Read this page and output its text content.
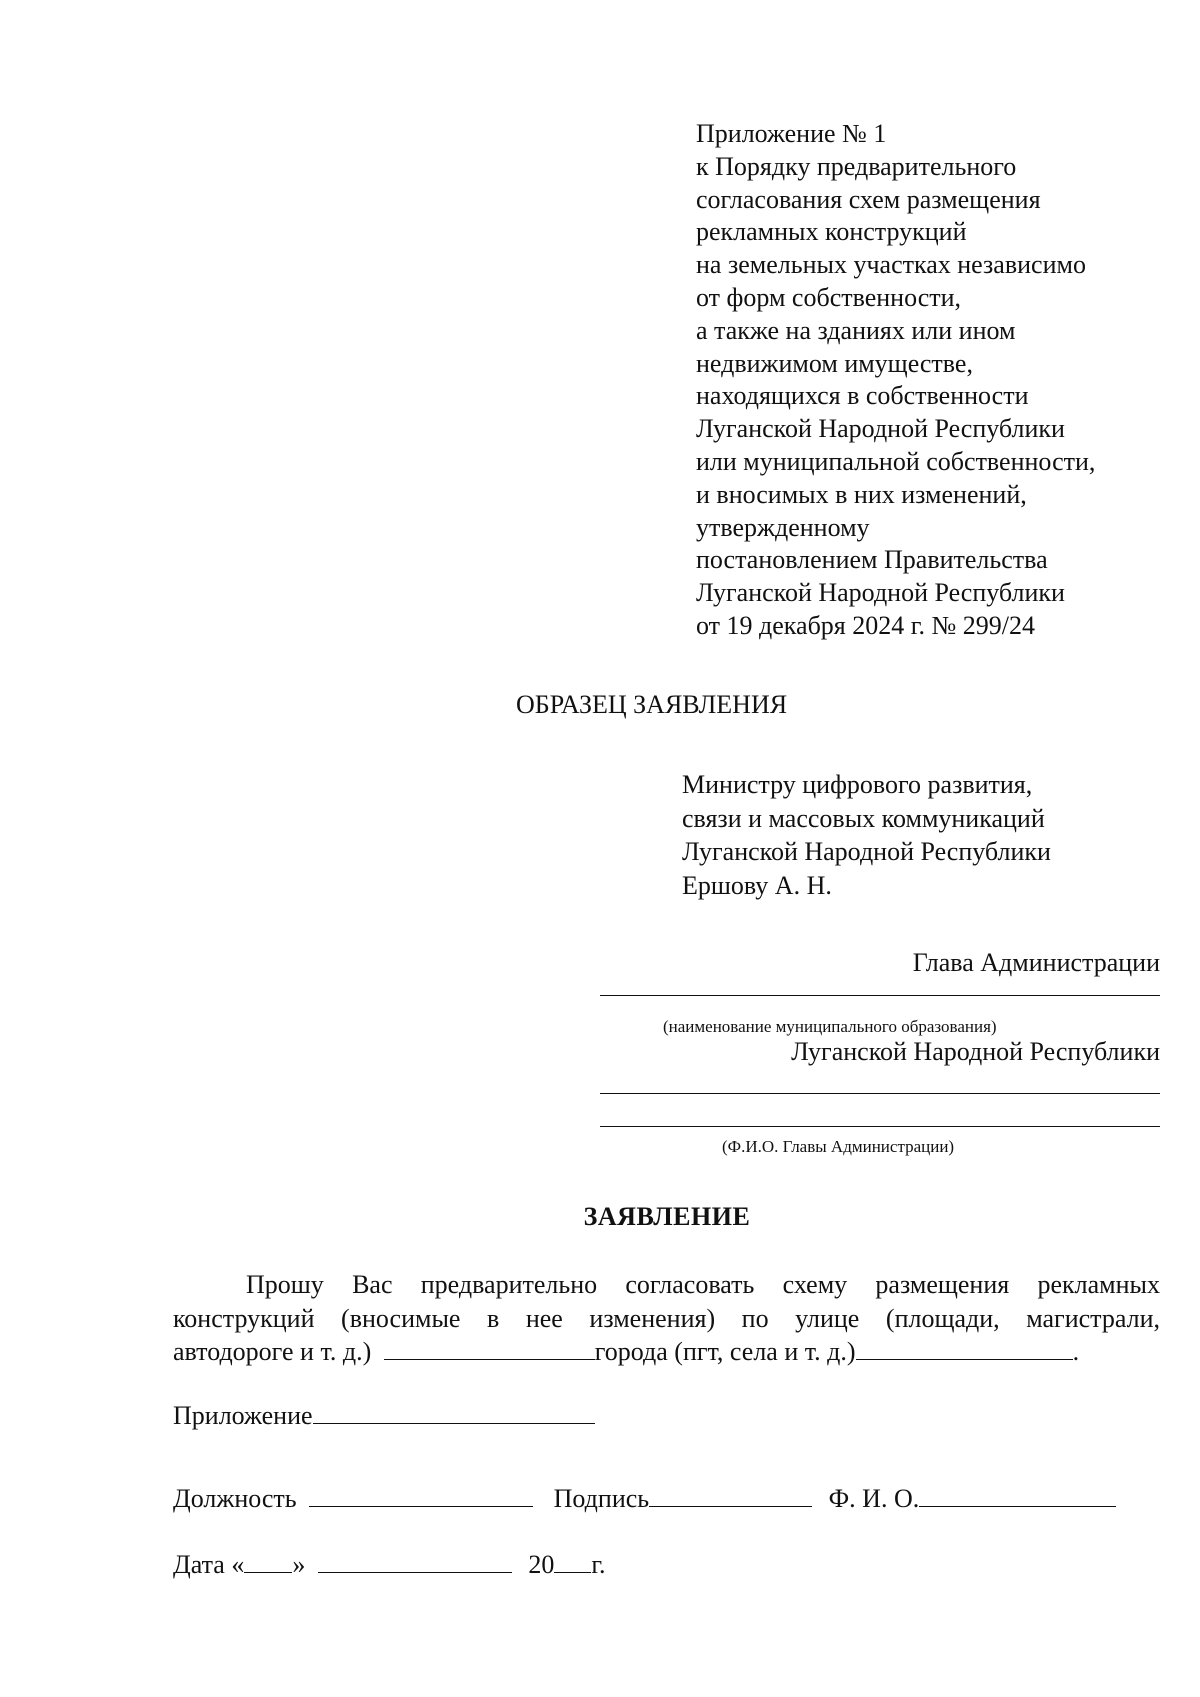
Приложение № 1
к Порядку предварительного
согласования схем размещения
рекламных конструкций
на земельных участках независимо
от форм собственности,
а также на зданиях или ином
недвижимом имуществе,
находящихся в собственности
Луганской Народной Республики
или муниципальной собственности,
и вносимых в них изменений,
утвержденному
постановлением Правительства
Луганской Народной Республики
от 19 декабря 2024 г. № 299/24
ОБРАЗЕЦ ЗАЯВЛЕНИЯ
Министру цифрового развития,
связи и массовых коммуникаций
Луганской Народной Республики
Ершову А. Н.
Глава Администрации
(наименование муниципального образования)
Луганской Народной Республики
(Ф.И.О. Главы Администрации)
ЗАЯВЛЕНИЕ
Прошу Вас предварительно согласовать схему размещения рекламных
конструкций (вносимые в нее изменения) по улице (площади, магистрали,
автодороге и т. д.)	города (пгт, села и т. д.)	.
Приложение
Должность	Подпись	Ф. И. О.
Дата « »	20 г.
